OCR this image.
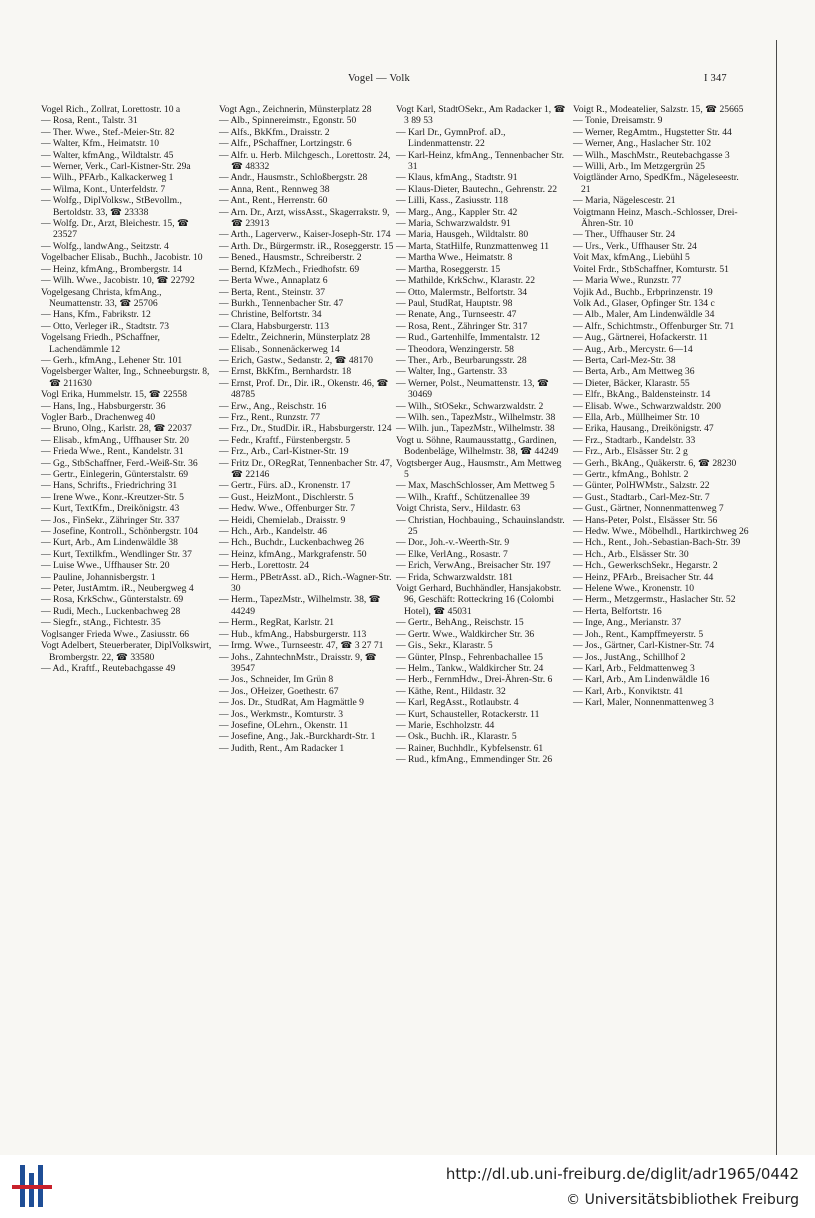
Vogel — Volk	I 347

Vogel Rich., Zollrat, Lorettostr. 10 a

— Rosa, Rent., Talstr. 31

— Ther. Wwe., Stef.-Meier-Str. 82

— Walter, Kfm., Heimatstr. 10

— Walter, kfmAng., Wildtalstr. 45

— Werner, Verk., Carl-Kistner-Str. 29a

— Wilh., PFArb., Kalkackerweg 1

— Wilma, Kont., Unterfeldstr. 7

— Wolfg., DiplVolksw., StBevollm., Bertoldstr. 33, ☎ 23338

— Wolfg. Dr., Arzt, Bleichestr. 15, ☎ 23527

— Wolfg., landwAng., Seitzstr. 4

Vogelbacher Elisab., Buchh., Jacobistr. 10

— Heinz, kfmAng., Brombergstr. 14

— Wilh. Wwe., Jacobistr. 10, ☎ 22792

Vogelgesang Christa, kfmAng., Neumattenstr. 33, ☎ 25706

— Hans, Kfm., Fabrikstr. 12

— Otto, Verleger iR., Stadtstr. 73

Vogelsang Friedh., PSchaffner, Lachendämmle 12

— Gerh., kfmAng., Lehener Str. 101

Vogelsberger Walter, Ing., Schneeburgstr. 8, ☎ 211630

Vogl Erika, Hummelstr. 15, ☎ 22558

— Hans, Ing., Habsburgerstr. 36

Vogler Barb., Drachenweg 40

— Bruno, Olng., Karlstr. 28, ☎ 22037

— Elisab., kfmAng., Uffhauser Str. 20

— Frieda Wwe., Rent., Kandelstr. 31

— Gg., StbSchaffner, Ferd.-Weiß-Str. 36

— Gertr., Einlegerin, Günterstalstr. 69

— Hans, Schrifts., Friedrichring 31

— Irene Wwe., Konr.-Kreutzer-Str. 5

— Kurt, TextKfm., Dreikönigstr. 43

— Jos., FinSekr., Zähringer Str. 337

— Josefine, Kontroll., Schönbergstr. 104

— Kurt, Arb., Am Lindenwäldle 38

— Kurt, Textilkfm., Wendlinger Str. 37

— Luise Wwe., Uffhauser Str. 20

— Pauline, Johannisbergstr. 1

— Peter, JustAmtm. iR., Neubergweg 4

— Rosa, KrkSchw., Günterstalstr. 69

— Rudi, Mech., Luckenbachweg 28

— Siegfr., stAng., Fichtestr. 35

Voglsanger Frieda Wwe., Zasiusstr. 66

Vogt Adelbert, Steuerberater, DiplVolkswirt, Brombergstr. 22, ☎ 33580

— Ad., Kraftf., Reutebachgasse 49

Vogt Agn., Zeichnerin, Münsterplatz 28

— Alb., Spinnereimstr., Egonstr. 50

— Alfs., BkKfm., Draisstr. 2

— Alfr., PSchaffner, Lortzingstr. 6

— Alfr. u. Herb. Milchgesch., Lorettostr. 24, ☎ 48332

— Andr., Hausmstr., Schloßbergstr. 28

— Anna, Rent., Rennweg 38

— Ant., Rent., Herrenstr. 60

— Arn. Dr., Arzt, wissAsst., Skagerrakstr. 9, ☎ 23913

— Arth., Lagerverw., Kaiser-Joseph-Str. 174

— Arth. Dr., Bürgermstr. iR., Roseggerstr. 15

— Bened., Hausmstr., Schreiberstr. 2

— Bernd, KfzMech., Friedhofstr. 69

— Berta Wwe., Annaplatz 6

— Berta, Rent., Steinstr. 37

— Burkh., Tennenbacher Str. 47

— Christine, Belfortstr. 34

— Clara, Habsburgerstr. 113

— Edeltr., Zeichnerin, Münsterplatz 28

— Elisab., Sonnenäckerweg 14

— Erich, Gastw., Sedanstr. 2, ☎ 48170

— Ernst, BkKfm., Bernhardstr. 18

— Ernst, Prof. Dr., Dir. iR., Okenstr. 46, ☎ 48785

— Erw., Ang., Reischstr. 16

— Frz., Rent., Runzstr. 77

— Frz., Dr., StudDir. iR., Habsburgerstr. 124

— Fedr., Kraftf., Fürstenbergstr. 5

— Frz., Arb., Carl-Kistner-Str. 19

— Fritz Dr., ORegRat, Tennenbacher Str. 47, ☎ 22146

— Gertr., Fürs. aD., Kronenstr. 17

— Gust., HeizMont., Dischlerstr. 5

— Hedw. Wwe., Offenburger Str. 7

— Heidi, Chemielab., Draisstr. 9

— Hch., Arb., Kandelstr. 46

— Hch., Buchdr., Luckenbachweg 26

— Heinz, kfmAng., Markgrafenstr. 50

— Herb., Lorettostr. 24

— Herm., PBetrAsst. aD., Rich.-Wagner-Str. 30

— Herm., TapezMstr., Wilhelmstr. 38, ☎ 44249

— Herm., RegRat, Karlstr. 21

— Hub., kfmAng., Habsburgerstr. 113

— Irmg. Wwe., Turnseestr. 47, ☎ 3 27 71

— Johs., ZahntechnMstr., Draisstr. 9, ☎ 39547

— Jos., Schneider, Im Grün 8

— Jos., OHeizer, Goethestr. 67

— Jos. Dr., StudRat, Am Hagmättle 9

— Jos., Werkmstr., Komturstr. 3

— Josefine, OLehrn., Okenstr. 11

— Josefine, Ang., Jak.-Burckhardt-Str. 1

— Judith, Rent., Am Radacker 1

Vogt Karl, StadtOSekr., Am Radacker 1, ☎ 3 89 53

— Karl Dr., GymnProf. aD., Lindenmattenstr. 22

— Karl-Heinz, kfmAng., Tennenbacher Str. 31

— Klaus, kfmAng., Stadtstr. 91

— Klaus-Dieter, Bautechn., Gehrenstr. 22

— Lilli, Kass., Zasiusstr. 118

— Marg., Ang., Kappler Str. 42

— Maria, Schwarzwaldstr. 91

— Maria, Hausgeh., Wildtalstr. 80

— Marta, StatHilfe, Runzmattenweg 11

— Martha Wwe., Heimatstr. 8

— Martha, Roseggerstr. 15

— Mathilde, KrkSchw., Klarastr. 22

— Otto, Malermstr., Belfortstr. 34

— Paul, StudRat, Hauptstr. 98

— Renate, Ang., Turnseestr. 47

— Rosa, Rent., Zähringer Str. 317

— Rud., Gartenhilfe, Immentalstr. 12

— Theodora, Wenzingerstr. 58

— Ther., Arb., Beurbarungsstr. 28

— Walter, Ing., Gartenstr. 33

— Werner, Polst., Neumattenstr. 13, ☎ 30469

— Wilh., StOSekr., Schwarzwaldstr. 2

— Wilh. sen., TapezMstr., Wilhelmstr. 38

— Wilh. jun., TapezMstr., Wilhelmstr. 38

Vogt u. Söhne, Raumausstattg., Gardinen, Bodenbeläge, Wilhelmstr. 38, ☎ 44249

Vogtsberger Aug., Hausmstr., Am Mettweg 5

— Max, MaschSchlosser, Am Mettweg 5

— Wilh., Kraftf., Schützenallee 39

Voigt Christa, Serv., Hildastr. 63

— Christian, Hochbauing., Schauinslandstr. 25

— Dor., Joh.-v.-Weerth-Str. 9

— Elke, VerlAng., Rosastr. 7

— Erich, VerwAng., Breisacher Str. 197

— Frida, Schwarzwaldstr. 181

Voigt Gerhard, Buchhändler, Hansjakobstr. 96, Geschäft: Rotteckring 16 (Colombi Hotel), ☎ 45031

— Gertr., BehAng., Reischstr. 15

— Gertr. Wwe., Waldkircher Str. 36

— Gis., Sekr., Klarastr. 5

— Günter, PInsp., Fehrenbachallee 15

— Helm., Tankw., Waldkircher Str. 24

— Herb., FernmHdw., Drei-Ähren-Str. 6

— Käthe, Rent., Hildastr. 32

— Karl, RegAsst., Rotlaubstr. 4

— Kurt, Schausteller, Rotackerstr. 11

— Marie, Eschholzstr. 44

— Osk., Buchh. iR., Klarastr. 5

— Rainer, Buchhdlr., Kybfelsenstr. 61

— Rud., kfmAng., Emmendinger Str. 26

Voigt R., Modeatelier, Salzstr. 15, ☎ 25665

— Tonie, Dreisamstr. 9

— Werner, RegAmtm., Hugstetter Str. 44

— Werner, Ang., Haslacher Str. 102

— Wilh., MaschMstr., Reutebachgasse 3

— Willi, Arb., Im Metzgergrün 25

Voigtländer Arno, SpedKfm., Nägeleseestr. 21

— Maria, Nägelescestr. 21

Voigtmann Heinz, Masch.-Schlosser, Drei-Ähren-Str. 10

— Ther., Uffhauser Str. 24

— Urs., Verk., Uffhauser Str. 24

Voit Max, kfmAng., Liebühl 5

Voitel Frdr., StbSchaffner, Komturstr. 51

— Maria Wwe., Runzstr. 77

Vojik Ad., Buchb., Erbprinzenstr. 19

Volk Ad., Glaser, Opfinger Str. 134 c

— Alb., Maler, Am Lindenwäldle 34

— Alfr., Schichtmstr., Offenburger Str. 71

— Aug., Gärtnerei, Hofackerstr. 11

— Aug., Arb., Mercystr. 6—14

— Berta, Carl-Mez-Str. 38

— Berta, Arb., Am Mettweg 36

— Dieter, Bäcker, Klarastr. 55

— Elfr., BkAng., Baldensteinstr. 14

— Elisab. Wwe., Schwarzwaldstr. 200

— Ella, Arb., Müllheimer Str. 10

— Erika, Hausang., Dreikönigstr. 47

— Frz., Stadtarb., Kandelstr. 33

— Frz., Arb., Elsässer Str. 2 g

— Gerh., BkAng., Quäkerstr. 6, ☎ 28230

— Gertr., kfmAng., Bohlstr. 2

— Günter, PolHWMstr., Salzstr. 22

— Gust., Stadtarb., Carl-Mez-Str. 7

— Gust., Gärtner, Nonnenmattenweg 7

— Hans-Peter, Polst., Elsässer Str. 56

— Hedw. Wwe., Möbelhdl., Hartkirchweg 26

— Hch., Rent., Joh.-Sebastian-Bach-Str. 39

— Hch., Arb., Elsässer Str. 30

— Hch., GewerkschSekr., Hegarstr. 2

— Heinz, PFArb., Breisacher Str. 44

— Helene Wwe., Kronenstr. 10

— Herm., Metzgermstr., Haslacher Str. 52

— Herta, Belfortstr. 16

— Inge, Ang., Merianstr. 37

— Joh., Rent., Kampffmeyerstr. 5

— Jos., Gärtner, Carl-Kistner-Str. 74

— Jos., JustAng., Schillhof 2

— Karl, Arb., Feldmattenweg 3

— Karl, Arb., Am Lindenwäldle 16

— Karl, Arb., Konviktstr. 41

— Karl, Maler, Nonnenmattenweg 3

http://dl.ub.uni-freiburg.de/diglit/adr1965/0442
© Universitätsbibliothek Freiburg
